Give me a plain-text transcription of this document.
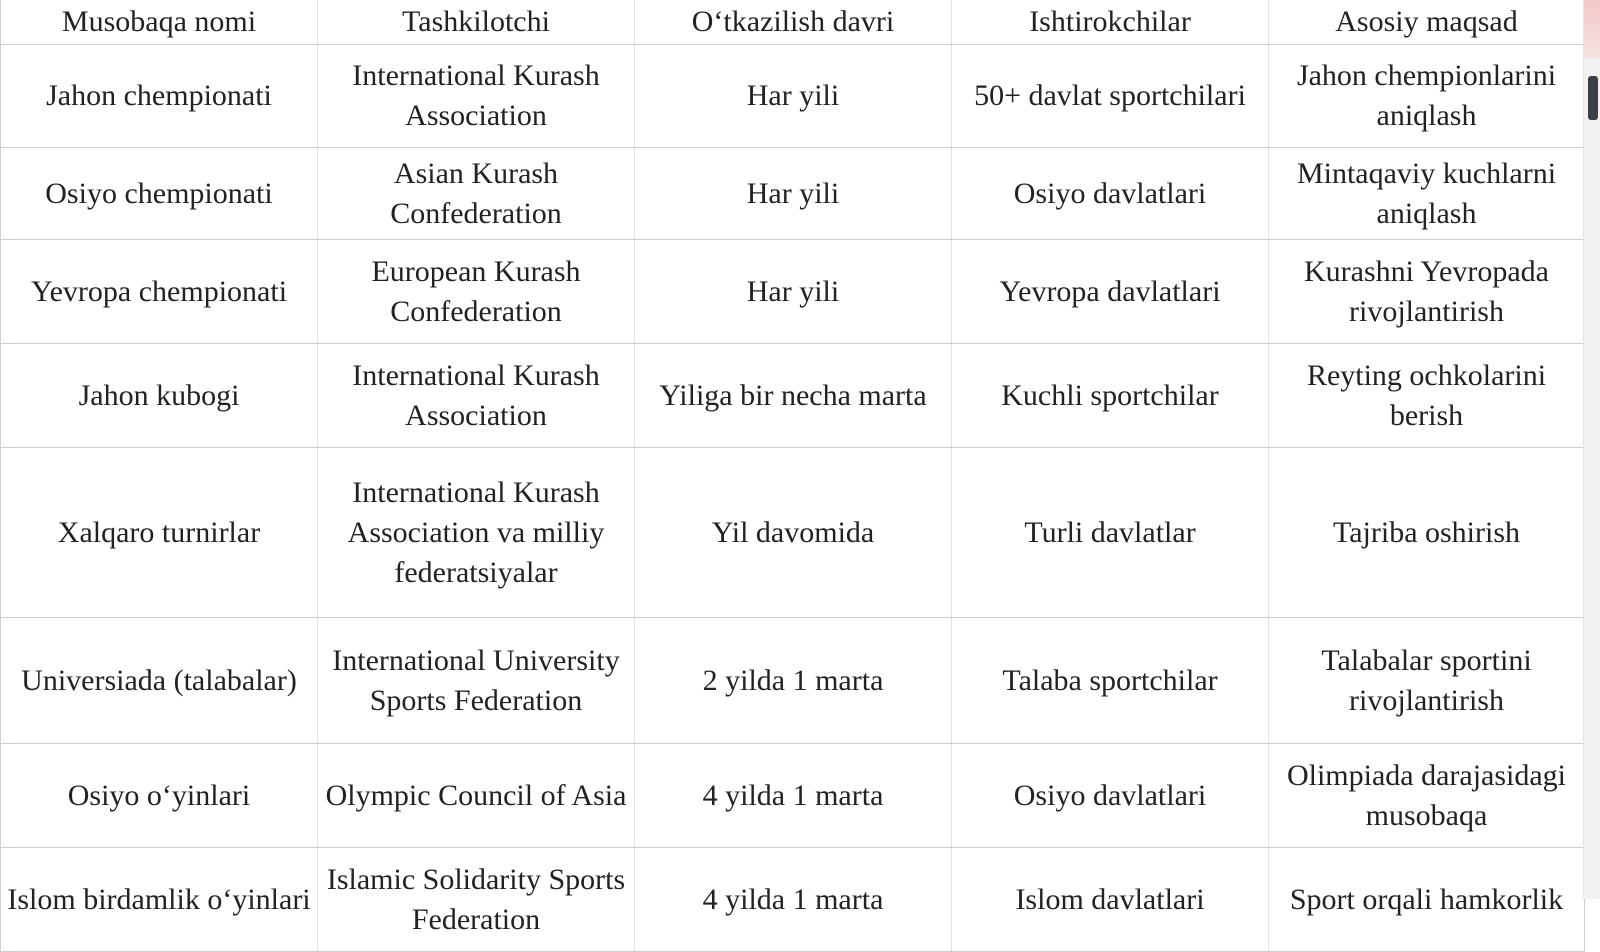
Musobaqa nomi	Tashkilotchi	O‘tkazilish davri	Ishtirokchilar	Asosiy maqsad
Jahon chempionati	International Kurash Association	Har yili	50+ davlat sportchilari	Jahon chempionlarini aniqlash
Osiyo chempionati	Asian Kurash Confederation	Har yili	Osiyo davlatlari	Mintaqaviy kuchlarni aniqlash
Yevropa chempionati	European Kurash Confederation	Har yili	Yevropa davlatlari	Kurashni Yevropada rivojlantirish
Jahon kubogi	International Kurash Association	Yiliga bir necha marta	Kuchli sportchilar	Reyting ochkolarini berish
Xalqaro turnirlar	International Kurash Association va milliy federatsiyalar	Yil davomida	Turli davlatlar	Tajriba oshirish
Universiada (talabalar)	International University Sports Federation	2 yilda 1 marta	Talaba sportchilar	Talabalar sportini rivojlantirish
Osiyo o‘yinlari	Olympic Council of Asia	4 yilda 1 marta	Osiyo davlatlari	Olimpiada darajasidagi musobaqa
Islom birdamlik o‘yinlari	Islamic Solidarity Sports Federation	4 yilda 1 marta	Islom davlatlari	Sport orqali hamkorlik
